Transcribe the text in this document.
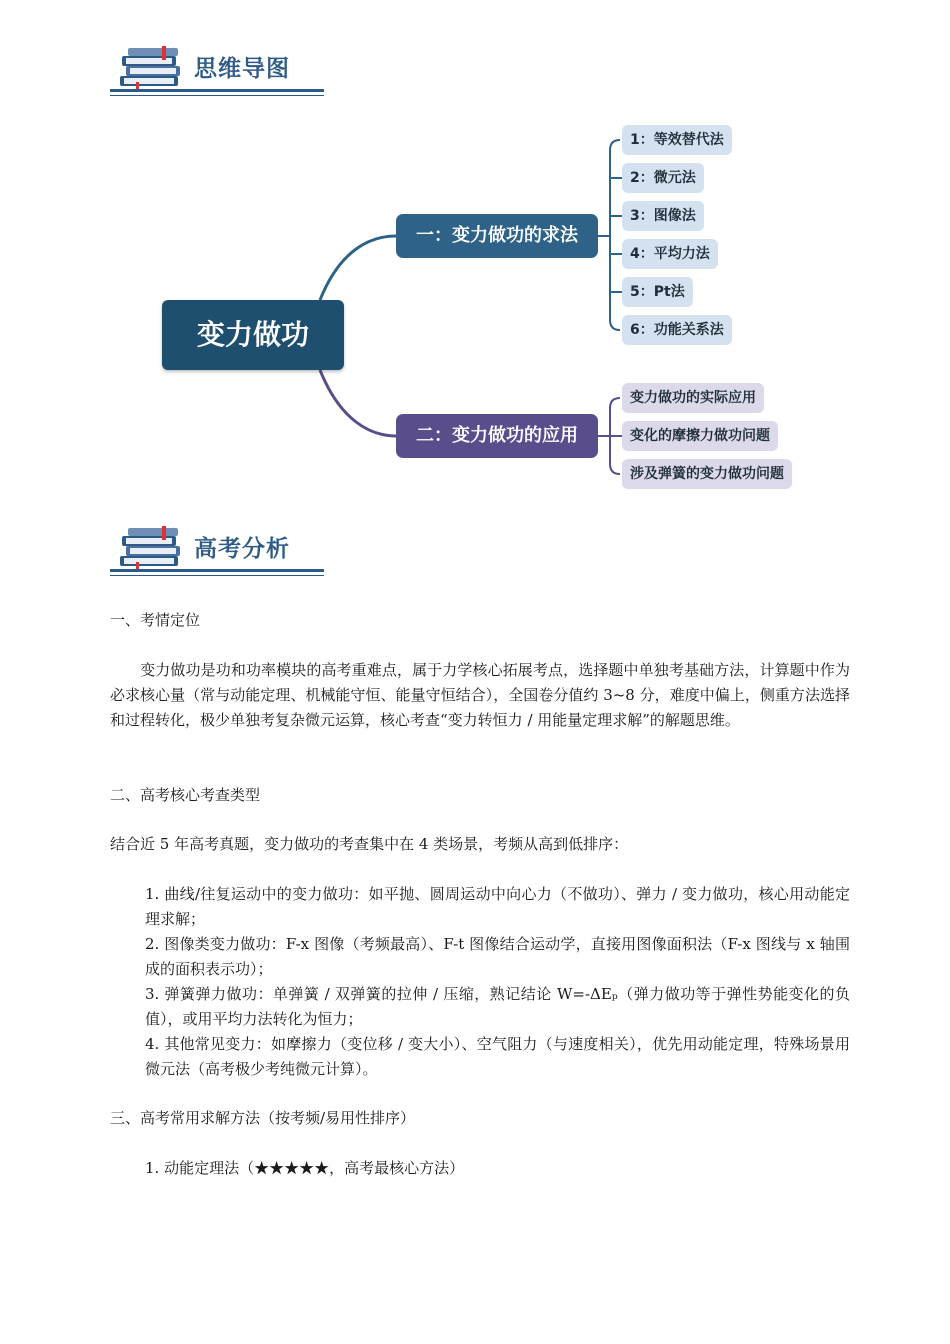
思维导图
变力做功
一：变力做功的求法
二：变力做功的应用
1：等效替代法
2：微元法
3：图像法
4：平均力法
5：Pt法
6：功能关系法
变力做功的实际应用
变化的摩擦力做功问题
涉及弹簧的变力做功问题
高考分析
一、考情定位
　　变力做功是功和功率模块的高考重难点，属于力学核心拓展考点，选择题中单独考基础方法，计算题中作为必求核心量（常与动能定理、机械能守恒、能量守恒结合），全国卷分值约 3~8 分，难度中偏上，侧重方法选择和过程转化，极少单独考复杂微元运算，核心考查“变力转恒力 / 用能量定理求解”的解题思维。
二、高考核心考查类型
结合近 5 年高考真题，变力做功的考查集中在 4 类场景，考频从高到低排序：
1. 曲线/往复运动中的变力做功：如平抛、圆周运动中向心力（不做功）、弹力 / 变力做功，核心用动能定理求解；
2. 图像类变力做功：F-x 图像（考频最高）、F-t 图像结合运动学，直接用图像面积法（F-x 图线与 x 轴围成的面积表示功）；
3. 弹簧弹力做功：单弹簧 / 双弹簧的拉伸 / 压缩，熟记结论 W=-ΔEₚ（弹力做功等于弹性势能变化的负值），或用平均力法转化为恒力；
4. 其他常见变力：如摩擦力（变位移 / 变大小）、空气阻力（与速度相关），优先用动能定理，特殊场景用微元法（高考极少考纯微元计算）。
三、高考常用求解方法（按考频/易用性排序）
1. 动能定理法（★★★★★，高考最核心方法）
